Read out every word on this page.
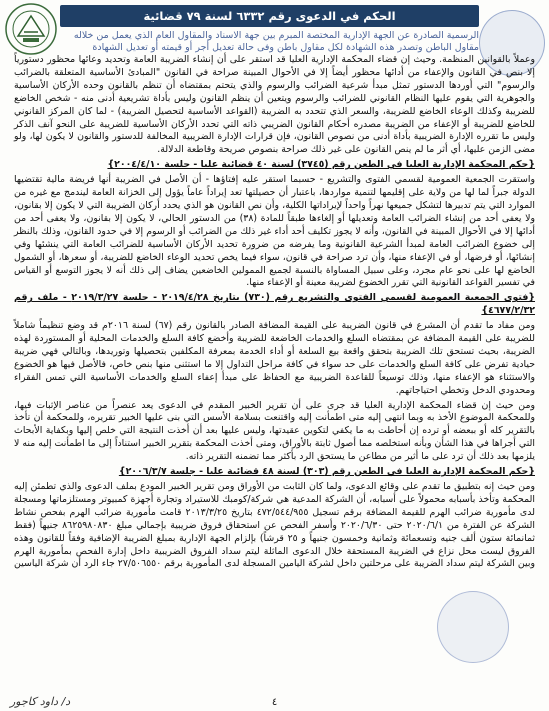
الحكم في الدعوى رقم ٦٣٣٢ لسنة ٧٩ قضائية
الرسمية الصادرة عن الجهة الإدارية المختصة المبرم بين جهة الاسناد والمقاول العام الذي يعمل من خلاله مقاول الباطن وتصدر هذه الشهادة لكل مقاول باطن وفى حالة تعديل أجر أو قيمته أو تعديل الشهادة

وعملاً بالقوانين المنظمة. وحيث إن قضاء المحكمة الإدارية العليا قد استقر على أن إنشاء الضريبة العامة وتحديد وعائها محظور دستورياً إلا بنص في القانون والإعفاء من أدائها محظور أيضاً إلا في الأحوال المبينة صراحة في القانون "المبادئ الأساسية المتعلقة بالضرائب والرسوم" التي أوردها الدستور تمثل مبدأ شرعية الضرائب والرسوم والذي يتحتم بمقتضاه أن تنظم بالقانون وحده الأركان الأساسية والجوهرية التي يقوم عليها النظام القانوني للضرائب والرسوم ويتعين أن ينظم القانون وليس بأداة تشريعية أدنى منه - شخص الخاضع للضريبة وكذلك الوعاء الخاضع للضريبة، والسعر الذي تتحدد به الضريبة (القواعد الأساسية لتحصيل الضريبة) - لما كان المركز القانوني للخاضع للضريبة أو الإعفاء من الضريبة مصدره أحكام القانون الضريبي ذاته التي تحدد الأركان الأساسية للضريبة على النحو آنف الذكر وليس ما تقرره الإدارة الضريبية بأداة أدنى من نصوص القانون، فإن قرارات الإدارة الضريبية المخالفة للدستور والقانون لا يكون لها، ولو مضى الزمن عليها، أي أثر ما لم ينص القانون على غير ذلك صراحة بنصوص صريحة وقاطعة الدلالة.

{حكم المحكمة الإدارية العليا في الطعن رقم (٣٧٤٥) لسنة ٤٠ قضائية عليا - جلسة ٢٠٠٤/٤/١٠}

واستقرت الجمعية العمومية لقسمي الفتوى والتشريع - حسبما استقر عليه إفتاؤها - أن الأصل في الضريبة أنها فريضة مالية تقتضيها الدولة جبراً لما لها من ولاية على إقليمها لتنمية مواردها، باعتبار أن حصيلتها تعد إيراداً عاماً يؤول إلى الخزانة العامة ليندمج مع غيره من الموارد التي يتم تدبيرها لتشكل جميعها نهراً واحداً لإيراداتها الكلية، وأن نص القانون هو الذي يحدد أركان الضريبة التي لا يكون إلا بقانون، ولا يعفى أحد من إنشاء الضرائب العامة وتعديلها أو إلغاءها طبقاً للمادة (٣٨) من الدستور الحالي، لا يكون إلا بقانون، ولا يعفى أحد من أدائها إلا في الأحوال المبينة في القانون، وأنه لا يجوز تكليف أحد أداء غير ذلك من الضرائب أو الرسوم إلا في حدود القانون، وذلك بالنظر إلى خضوع الضرائب العامة لمبدأ الشرعية القانونية وما يفرضه من ضرورة تحديد الأركان الأساسية للضرائب العامة التي ينشئها وفي إنشائها، أو فرضها، أو في الإعفاء منها، وأن ترد صراحة في قانون، سواء فيما يخص تحديد الوعاء الخاضع للضريبة، أو سعرها، أو الشمول الخاضع لها على نحو عام مجرد، وعلى سبيل المساواة بالنسبة لجميع الممولين الخاضعين يضاف إلى ذلك أنه لا يجوز التوسع أو القياس في تفسير القواعد القانونية التي تقرر الخضوع لضريبة معينة أو الإعفاء منها.

{فتوى الجمعية العمومية لقسمي الفتوى والتشريع رقم (٧٣٠) بتاريخ ٢٠١٩/٤/٢٨ - جلسة ٢٠١٩/٣/٢٧ - ملف رقم ٤٦٧٧/٢/٣٢}

ومن مفاد ما تقدم أن المشرع في قانون الضريبة على القيمة المضافة الصادر بالقانون رقم (٦٧) لسنة ٢٠١٦م قد وضع تنظيماً شاملاً للضريبة على القيمة المضافة عن بمقتضاه السلع والخدمات الخاضعة للضريبة وأخضع كافة السلع والخدمات المحلية أو المستوردة لهذه الضريبة، بحيث تستحق تلك الضريبة بتحقق واقعة بيع السلعة أو أداء الخدمة بمعرفة المكلفين بتحصيلها وتوريدها، وبالتالي فهي ضريبة حيادية تفرض على كافة السلع والخدمات على حد سواء في كافة مراحل التداول إلا ما استثنى منها بنص خاص، فالأصل فيها هو الخضوع والاستثناء هو الإعفاء منها، وذلك توسيعاً للقاعدة الضريبية مع الحفاظ على مبدأ إعفاء السلع والخدمات الأساسية التي تمس الفقراء ومحدودي الدخل وتخطي احتياجاتهم.

ومن حيث إن قضاء المحكمة الإدارية العليا قد جرى على أن تقرير الخبير المقدم في الدعوى يعد عنصراً من عناصر الإثبات فيها، وللمحكمة الموضوع الأخذ به وبما انتهى إليه متى اطمأنت إليه واقتنعت بسلامة الأسس التي بنى عليها الخبير تقريره، وللمحكمة أن تأخذ بالتقرير كله أو ببعضه أو ترده إن أحاطت به ما يكفي لتكوين عقيدتها، وليس عليها بعد أن أخذت النتيجة التي خلص إليها وبكفاية الأبحاث التي أجراها في هذا الشأن وبأنه استخلصه مما أصول ثابتة بالأوراق، ومتى أخذت المحكمة بتقرير الخبير استناداً إلى ما اطمأنت إليه منه لا يلزمها بعد ذلك أن ترد على ما أثير من مطاعن ما يستحق الرد بأكثر مما تضمنه التقرير ذاته.

{حكم المحكمة الإدارية العليا في الطعن رقم (٣٠٣) لسنة ٤٨ قضائية عليا - جلسة ٢٠٠٦/٣/٧}

ومن حيث إنه بتطبيق ما تقدم على وقائع الدعوى، ولما كان الثابت من الأوراق ومن تقرير الخبير المودع بملف الدعوى والذي تطمئن إليه المحكمة وتأخذ بأسبابه محمولاً على أسبابه، أن الشركة المدعية هي شركة/كومبك للاستيراد وتجارة أجهزة كمبيوتر ومستلزماتها ومسجلة لدى مأمورية ضرائب الهرم للقيمة المضافة برقم تسجيل ٤٧٢/٥٤٤/٩٥٥ بتاريخ ٢٠١٣/٣/٢٥ قامت مأمورية ضرائب الهرم بفحص نشاط الشركة عن الفترة من ٢٠٢٠/٦/١ حتى ٢٠٢٠/٦/٣٠ وأسفر الفحص عن استحقاق فروق ضريبية بإجمالي مبلغ ٨٦٢٥٩٨٠٨٣٠ جنيهاً (فقط ثمانمائة ستون ألف جنيه وتسعمائة وثمانية وخمسون جنيهاً و ٢٥ قرشاً) بإلزام الجهة الإدارية بمبلغ الضريبة الإضافية وفقاً للقانون وهذه الفروق ليست محل نزاع في الضريبة المستحقة خلال الدعوى الماثلة ليتم سداد الفروق الضريبية داخل إدارة الفحص بمأمورية الهرم وبين الشركة ليتم سداد الضريبة على مرحلتين داخل لشركة اليامين المسجلة لدى المأمورية برقم ٢٧/٥٠٦٥٥٠ جاء الرد أن شركة الياسين

د/ داود كاجور	٤
